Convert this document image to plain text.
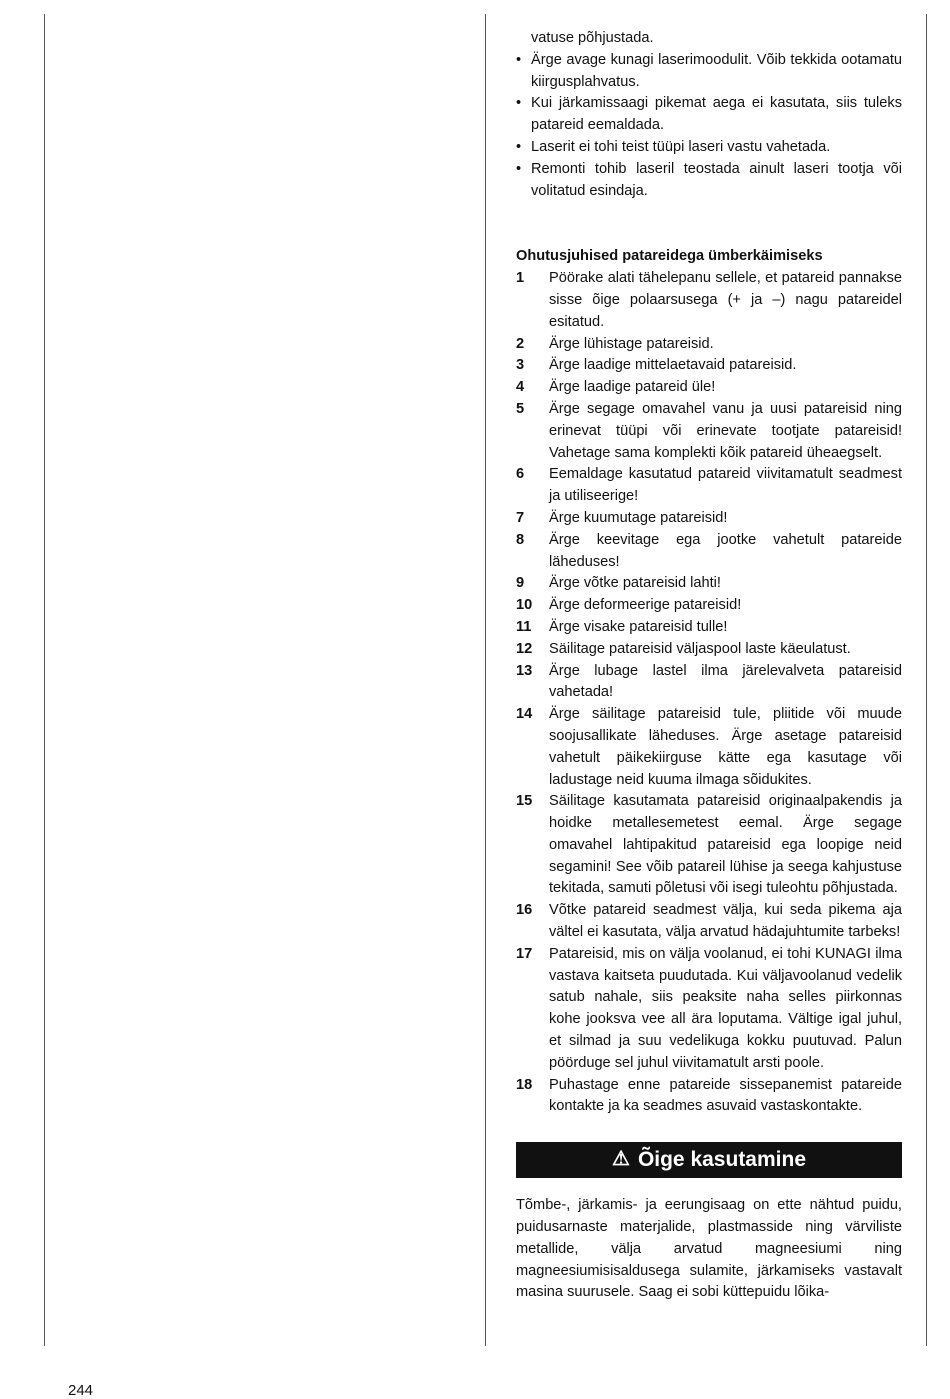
vatuse põhjustada.
• Ärge avage kunagi laserimoodulit. Võib tekkida ootamatu kiirgusplahvatus.
• Kui järkamissaagi pikemat aega ei kasutata, siis tuleks patareid eemaldada.
• Laserit ei tohi teist tüüpi laseri vastu vahetada.
• Remonti tohib laseril teostada ainult laseri tootja või volitatud esindaja.
Ohutusjuhised patareidega ümberkäimiseks
1	Pöörake alati tähelepanu sellele, et patareid pannakse sisse õige polaarsusega (+ ja –) nagu patareidel esitatud.
2	Ärge lühistage patareisid.
3	Ärge laadige mittelaetavaid patareisid.
4	Ärge laadige patareid üle!
5	Ärge segage omavahel vanu ja uusi patareisid ning erinevat tüüpi või erinevate tootjate patareisid! Vahetage sama komplekti kõik patareid üheaegselt.
6	Eemaldage kasutatud patareid viivitamatult seadmest ja utiliseerige!
7	Ärge kuumutage patareisid!
8	Ärge keevitage ega jootke vahetult patareide läheduses!
9	Ärge võtke patareisid lahti!
10	Ärge deformeerige patareisid!
11	Ärge visake patareisid tulle!
12	Säilitage patareisid väljaspool laste käeulatust.
13	Ärge lubage lastel ilma järelevalveta patareisid vahetada!
14	Ärge säilitage patareisid tule, pliitide või muude soojusallikate läheduses. Ärge asetage patareisid vahetult päikekiirguse kätte ega kasutage või ladustage neid kuuma ilmaga sõidukites.
15	Säilitage kasutamata patareisid originaalpakendis ja hoidke metallesemetest eemal. Ärge segage omavahel lahtipakitud patareisid ega loopige neid segamini! See võib patareil lühise ja seega kahjustuse tekitada, samuti põletusi või isegi tuleohtu põhjustada.
16	Võtke patareid seadmest välja, kui seda pikema aja vältel ei kasutata, välja arvatud hädajuhtumite tarbeks!
17	Patareisid, mis on välja voolanud, ei tohi KUNAGI ilma vastava kaitseta puudutada. Kui väljavoolanud vedelik satub nahale, siis peaksite naha selles piirkonnas kohe jooksva vee all ära loputama. Vältige igal juhul, et silmad ja suu vedelikuga kokku puutuvad. Palun pöörduge sel juhul viivitamatult arsti poole.
18	Puhastage enne patareide sissepanemist patareide kontakte ja ka seadmes asuvaid vastaskontakte.
⚠ Õige kasutamine
Tõmbe-, järkamis- ja eerungisaag on ette nähtud puidu, puidusarnaste materjalide, plastmasside ning värviliste metallide, välja arvatud magneesiumi ning magneesiumisisaldusega sulamite, järkamiseks vastavalt masina suurusele. Saag ei sobi küttepuidu lõika-
244
